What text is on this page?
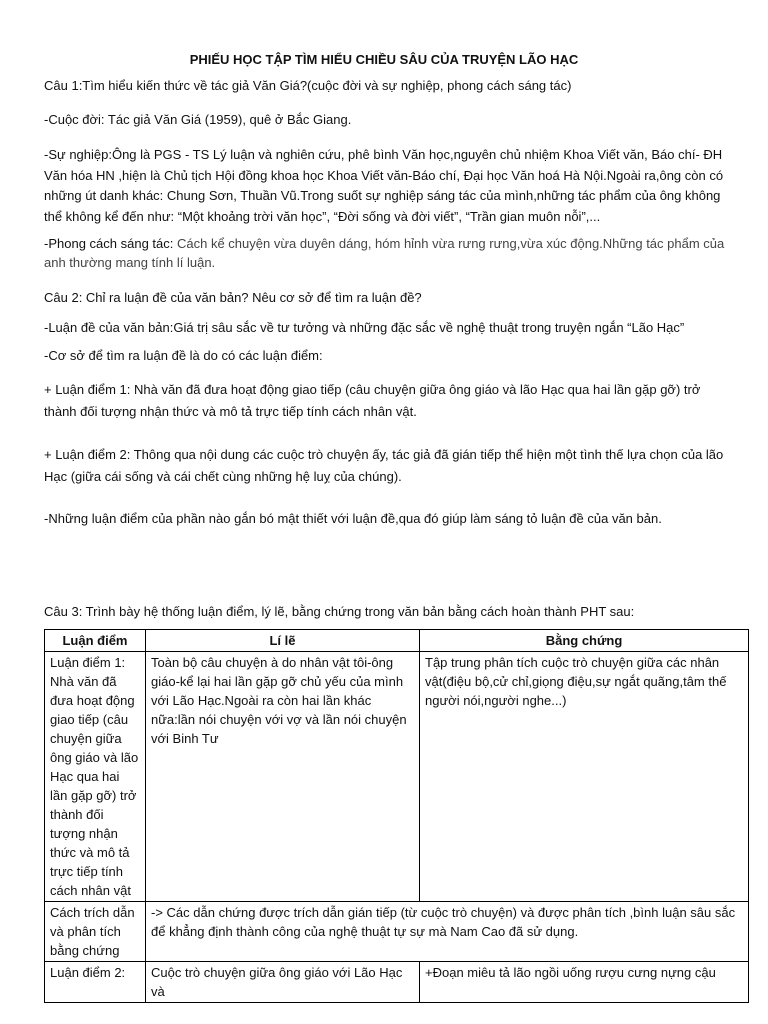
PHIẾU HỌC TẬP TÌM HIỂU CHIỀU SÂU CỦA TRUYỆN LÃO HẠC
Câu 1:Tìm hiểu kiến thức về tác giả Văn Giá?(cuộc đời và sự nghiệp, phong cách sáng tác)
-Cuộc đời: Tác giả Văn Giá (1959), quê ở Bắc Giang.
-Sự nghiệp:Ông là PGS - TS Lý luận và nghiên cứu, phê bình Văn học,nguyên chủ nhiệm Khoa Viết văn, Báo chí- ĐH Văn hóa HN ,hiện là Chủ tịch Hội đồng khoa học Khoa Viết văn-Báo chí, Đại học Văn hoá Hà Nội.Ngoài ra,ông còn có những út danh khác: Chung Sơn, Thuần Vũ.Trong suốt sự nghiệp sáng tác của mình,những tác phẩm của ông không thể không kể đến như: “Một khoảng trời văn học”, “Đời sống và đời viết”, “Trần gian muôn nỗi”,...
-Phong cách sáng tác: Cách kể chuyện vừa duyên dáng, hóm hỉnh vừa rưng rưng,vừa xúc động.Những tác phẩm của anh thường mang tính lí luận.
Câu 2: Chỉ ra luận đề của văn bản? Nêu cơ sở để tìm ra luận đề?
-Luận đề của văn bản:Giá trị sâu sắc về tư tưởng và những đặc sắc về nghệ thuật trong truyện ngắn “Lão Hạc”
-Cơ sở để tìm ra luận đề là do có các luận điểm:
+ Luận điểm 1: Nhà văn đã đưa hoạt động giao tiếp (câu chuyện giữa ông giáo và lão Hạc qua hai lần gặp gỡ) trở thành đối tượng nhận thức và mô tả trực tiếp tính cách nhân vật.
+ Luận điểm 2: Thông qua nội dung các cuộc trò chuyện ấy, tác giả đã gián tiếp thể hiện một tình thế lựa chọn của lão Hạc (giữa cái sống và cái chết cùng những hệ luỵ của chúng).
-Những luận điểm của phần nào gắn bó mật thiết với luận đề,qua đó giúp làm sáng tỏ luận đề của văn bản.
Câu 3: Trình bày hệ thống luận điểm, lý lẽ, bằng chứng trong văn bản bằng cách hoàn thành PHT sau:
Luận điểm	Lí lẽ	Bằng chứng
Luận điểm 1: Nhà văn đã đưa hoạt động giao tiếp (câu chuyện giữa ông giáo và lão Hạc qua hai lần gặp gỡ) trở thành đối tượng nhận thức và mô tả trực tiếp tính cách nhân vật	Toàn bộ câu chuyện à do nhân vật tôi-ông giáo-kể lại hai lần gặp gỡ chủ yếu của mình với Lão Hạc.Ngoài ra còn hai lần khác nữa:lần nói chuyện với vợ và lần nói chuyện với Binh Tư	Tập trung phân tích cuộc trò chuyện giữa các nhân vật(điệu bộ,cử chỉ,giọng điệu,sự ngắt quãng,tâm thế người nói,người nghe...)
Cách trích dẫn và phân tích bằng chứng	-> Các dẫn chứng được trích dẫn gián tiếp (từ cuộc trò chuyện) và được phân tích ,bình luận sâu sắc để khẳng định thành công của nghệ thuật tự sự mà Nam Cao đã sử dụng.	
Luận điểm 2:	Cuộc trò chuyện giữa ông giáo với Lão Hạc và	+Đoạn miêu tả lão ngồi uống rượu cưng nựng cậu
